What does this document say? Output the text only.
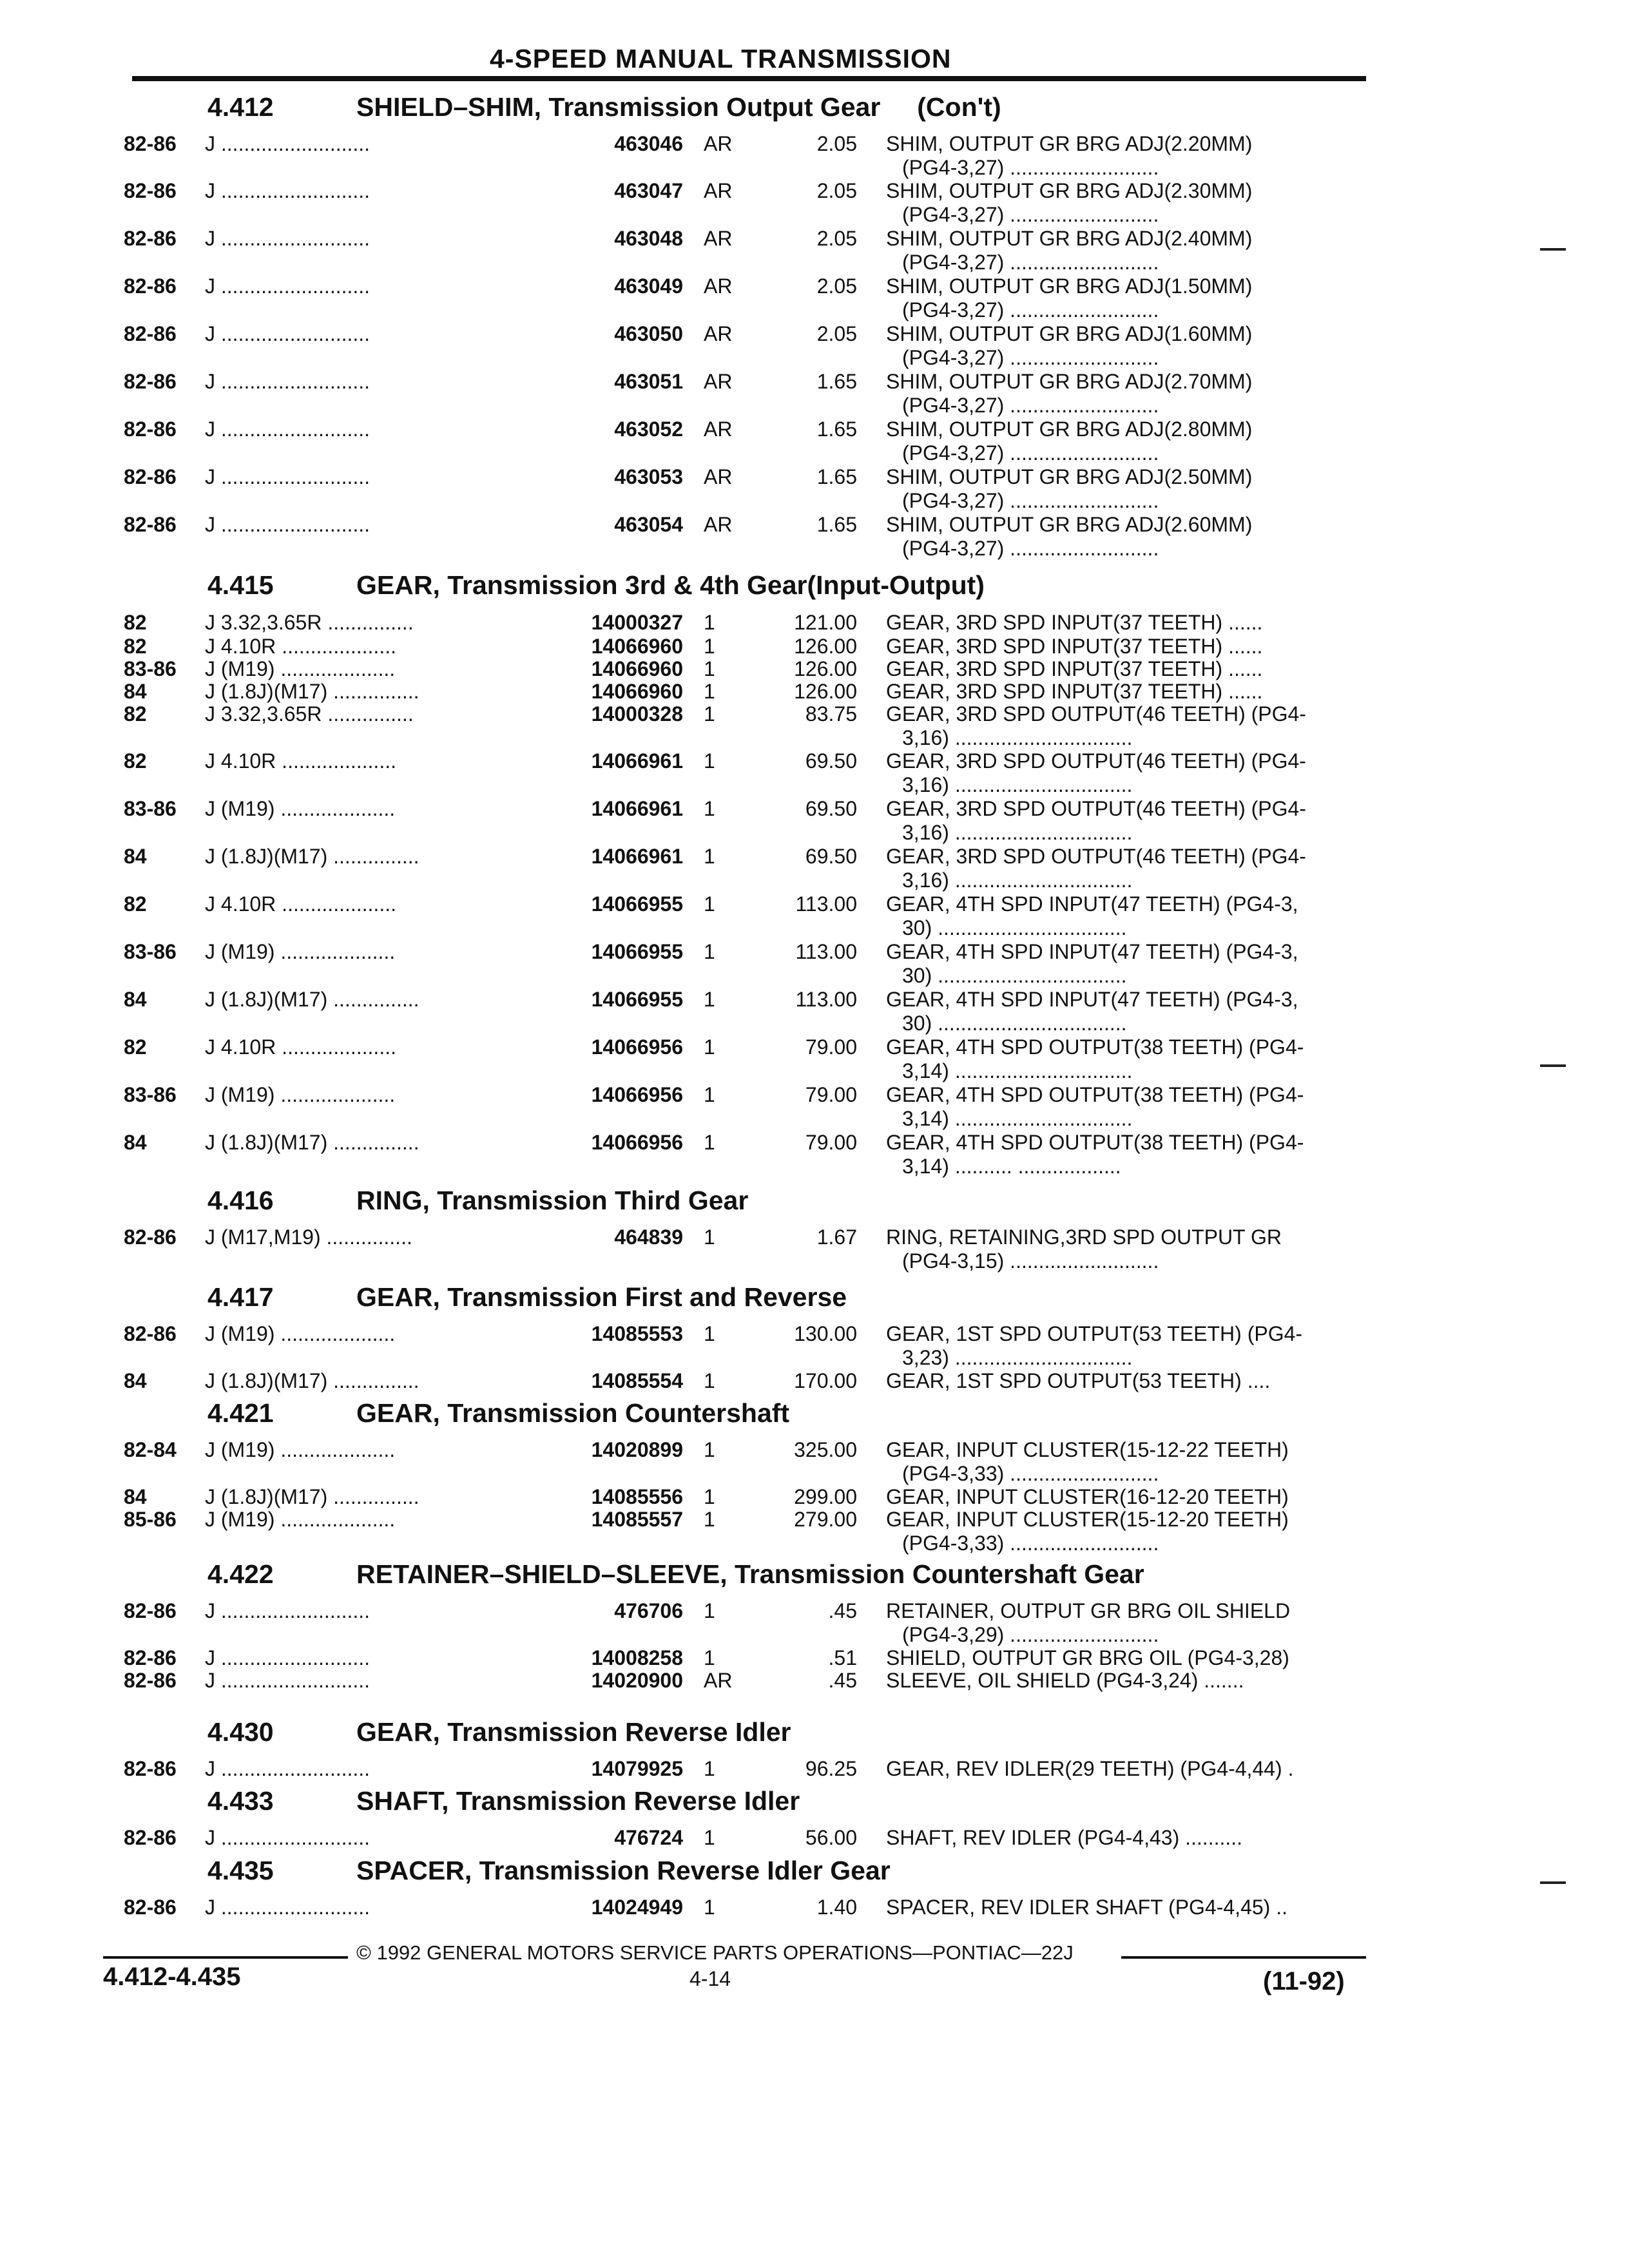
4-SPEED MANUAL TRANSMISSION
4.412	SHIELD–SHIM, Transmission Output Gear     (Con't)
82-86 J ..........................	463046 AR	2.05 SHIM, OUTPUT GR BRG ADJ(2.20MM)
(PG4-3,27) ..........................
82-86 J ..........................	463047 AR	2.05 SHIM, OUTPUT GR BRG ADJ(2.30MM)
(PG4-3,27) ..........................
82-86 J ..........................	463048 AR	2.05 SHIM, OUTPUT GR BRG ADJ(2.40MM)
(PG4-3,27) ..........................
82-86 J ..........................	463049 AR	2.05 SHIM, OUTPUT GR BRG ADJ(1.50MM)
(PG4-3,27) ..........................
82-86 J ..........................	463050 AR	2.05 SHIM, OUTPUT GR BRG ADJ(1.60MM)
(PG4-3,27) ..........................
82-86 J ..........................	463051 AR	1.65 SHIM, OUTPUT GR BRG ADJ(2.70MM)
(PG4-3,27) ..........................
82-86 J ..........................	463052 AR	1.65 SHIM, OUTPUT GR BRG ADJ(2.80MM)
(PG4-3,27) ..........................
82-86 J ..........................	463053 AR	1.65 SHIM, OUTPUT GR BRG ADJ(2.50MM)
(PG4-3,27) ..........................
82-86 J ..........................	463054 AR	1.65 SHIM, OUTPUT GR BRG ADJ(2.60MM)
(PG4-3,27) ..........................
4.415	GEAR, Transmission 3rd & 4th Gear(Input-Output)
82	J 3.32,3.65R ...............	14000327 1	121.00 GEAR, 3RD SPD INPUT(37 TEETH) ......
82	J 4.10R ....................	14066960 1	126.00 GEAR, 3RD SPD INPUT(37 TEETH) ......
83-86 J (M19) ....................	14066960 1	126.00 GEAR, 3RD SPD INPUT(37 TEETH) ......
84	J (1.8J)(M17) ...............	14066960 1	126.00 GEAR, 3RD SPD INPUT(37 TEETH) ......
82	J 3.32,3.65R ...............	14000328 1	83.75 GEAR, 3RD SPD OUTPUT(46 TEETH) (PG4-
3,16) ...............................
82	J 4.10R ....................	14066961 1	69.50 GEAR, 3RD SPD OUTPUT(46 TEETH) (PG4-
3,16) ...............................
83-86 J (M19) ....................	14066961 1	69.50 GEAR, 3RD SPD OUTPUT(46 TEETH) (PG4-
3,16) ...............................
84	J (1.8J)(M17) ...............	14066961 1	69.50 GEAR, 3RD SPD OUTPUT(46 TEETH) (PG4-
3,16) ...............................
82	J 4.10R ....................	14066955 1	113.00 GEAR, 4TH SPD INPUT(47 TEETH) (PG4-3,
30) .................................
83-86 J (M19) ....................	14066955 1	113.00 GEAR, 4TH SPD INPUT(47 TEETH) (PG4-3,
30) .................................
84	J (1.8J)(M17) ...............	14066955 1	113.00 GEAR, 4TH SPD INPUT(47 TEETH) (PG4-3,
30) .................................
82	J 4.10R ....................	14066956 1	79.00 GEAR, 4TH SPD OUTPUT(38 TEETH) (PG4-
3,14) ...............................
83-86 J (M19) ....................	14066956 1	79.00 GEAR, 4TH SPD OUTPUT(38 TEETH) (PG4-
3,14) ...............................
84	J (1.8J)(M17) ...............	14066956 1	79.00 GEAR, 4TH SPD OUTPUT(38 TEETH) (PG4-
3,14) .......... ..................
4.416	RING, Transmission Third Gear
82-86 J (M17,M19) ...............	464839 1	1.67 RING, RETAINING,3RD SPD OUTPUT GR
(PG4-3,15) ..........................
4.417	GEAR, Transmission First and Reverse
82-86 J (M19) ....................	14085553 1	130.00 GEAR, 1ST SPD OUTPUT(53 TEETH) (PG4-
3,23) ...............................
84	J (1.8J)(M17) ...............	14085554 1	170.00 GEAR, 1ST SPD OUTPUT(53 TEETH) ....
4.421	GEAR, Transmission Countershaft
82-84 J (M19) ....................	14020899 1	325.00 GEAR, INPUT CLUSTER(15-12-22 TEETH)
(PG4-3,33) ..........................
84	J (1.8J)(M17) ...............	14085556 1	299.00 GEAR, INPUT CLUSTER(16-12-20 TEETH)
85-86 J (M19) ....................	14085557 1	279.00 GEAR, INPUT CLUSTER(15-12-20 TEETH)
(PG4-3,33) ..........................
4.422	RETAINER–SHIELD–SLEEVE, Transmission Countershaft Gear
82-86 J ..........................	476706 1	.45 RETAINER, OUTPUT GR BRG OIL SHIELD
(PG4-3,29) ..........................
82-86 J ..........................	14008258 1	.51 SHIELD, OUTPUT GR BRG OIL (PG4-3,28)
82-86 J ..........................	14020900 AR	.45 SLEEVE, OIL SHIELD (PG4-3,24) .......
4.430	GEAR, Transmission Reverse Idler
82-86 J ..........................	14079925 1	96.25 GEAR, REV IDLER(29 TEETH) (PG4-4,44) .
4.433	SHAFT, Transmission Reverse Idler
82-86 J ..........................	476724 1	56.00 SHAFT, REV IDLER (PG4-4,43) ..........
4.435	SPACER, Transmission Reverse Idler Gear
82-86 J ..........................	14024949 1	1.40 SPACER, REV IDLER SHAFT (PG4-4,45) ..
© 1992 GENERAL MOTORS SERVICE PARTS OPERATIONS—PONTIAC—22J
4.412-4.435	4-14	(11-92)
